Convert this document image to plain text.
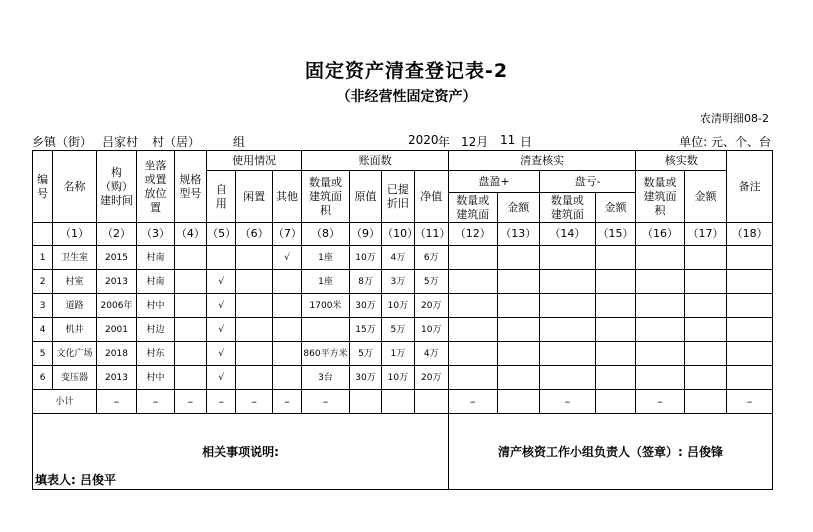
固定资产清查登记表-2
（非经营性固定资产）
农清明细08-2
乡镇（街） 吕家村 村（居）	组	2020 年 12月 11 日	单位: 元、个、台
编号	名称	构（购）建时间	坐落或置放位置	规格型号	使用情况			账面数				清查核实				核实数		备注

					自用	闲置	其他	数量或建筑面积	原值	已提折旧	净值	盘盈+		盘亏-		数量或建筑面积	金额	

												数量或建筑面	金额	数量或建筑面	金额			
	（1）	（2）	（3）	（4）	（5）	（6）	（7）	（8）	（9）	（10）	（11）	（12）	（13）	（14）	（15）	（16）	（17）	（18）
1	卫生室	2015	村南				√	1座	10万	4万	6万							
2	村室	2013	村南		√			1座	8万	3万	5万							
3	道路	2006年	村中		√			1700米	30万	10万	20万							
4	机井	2001	村边		√				15万	5万	10万							
5	文化广场	2018	村东		√			860平方米	5万	1万	4万							
6	变压器	2013	村中		√			3台	30万	10万	20万							
小计		–	–	–	–	–	–	–				–		–		–		–

相关事项说明:
填表人: 吕俊平												清产核资工作小组负责人（签章）: 吕俊锋						
